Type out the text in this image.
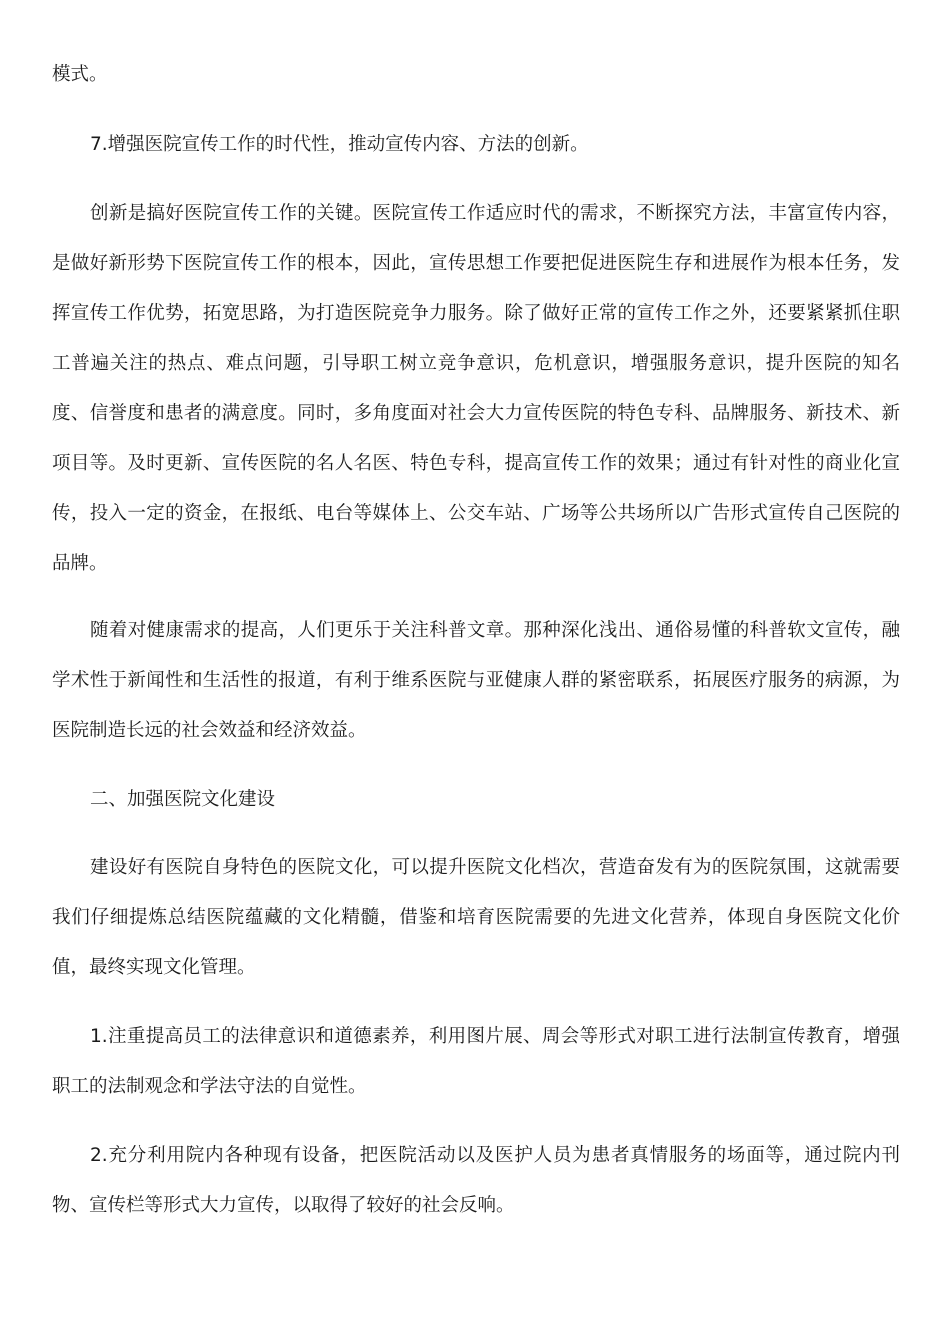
模式。

7.增强医院宣传工作的时代性，推动宣传内容、方法的创新。

创新是搞好医院宣传工作的关键。医院宣传工作适应时代的需求，不断探究方法，丰富宣传内容，是做好新形势下医院宣传工作的根本，因此，宣传思想工作要把促进医院生存和进展作为根本任务，发挥宣传工作优势，拓宽思路，为打造医院竞争力服务。除了做好正常的宣传工作之外，还要紧紧抓住职工普遍关注的热点、难点问题，引导职工树立竞争意识，危机意识，增强服务意识，提升医院的知名度、信誉度和患者的满意度。同时，多角度面对社会大力宣传医院的特色专科、品牌服务、新技术、新项目等。及时更新、宣传医院的名人名医、特色专科，提高宣传工作的效果；通过有针对性的商业化宣传，投入一定的资金，在报纸、电台等媒体上、公交车站、广场等公共场所以广告形式宣传自己医院的品牌。

随着对健康需求的提高，人们更乐于关注科普文章。那种深化浅出、通俗易懂的科普软文宣传，融学术性于新闻性和生活性的报道，有利于维系医院与亚健康人群的紧密联系，拓展医疗服务的病源，为医院制造长远的社会效益和经济效益。

二、加强医院文化建设

建设好有医院自身特色的医院文化，可以提升医院文化档次，营造奋发有为的医院氛围，这就需要我们仔细提炼总结医院蕴藏的文化精髓，借鉴和培育医院需要的先进文化营养，体现自身医院文化价值，最终实现文化管理。

1.注重提高员工的法律意识和道德素养，利用图片展、周会等形式对职工进行法制宣传教育，增强职工的法制观念和学法守法的自觉性。

2.充分利用院内各种现有设备，把医院活动以及医护人员为患者真情服务的场面等，通过院内刊物、宣传栏等形式大力宣传，以取得了较好的社会反响。
